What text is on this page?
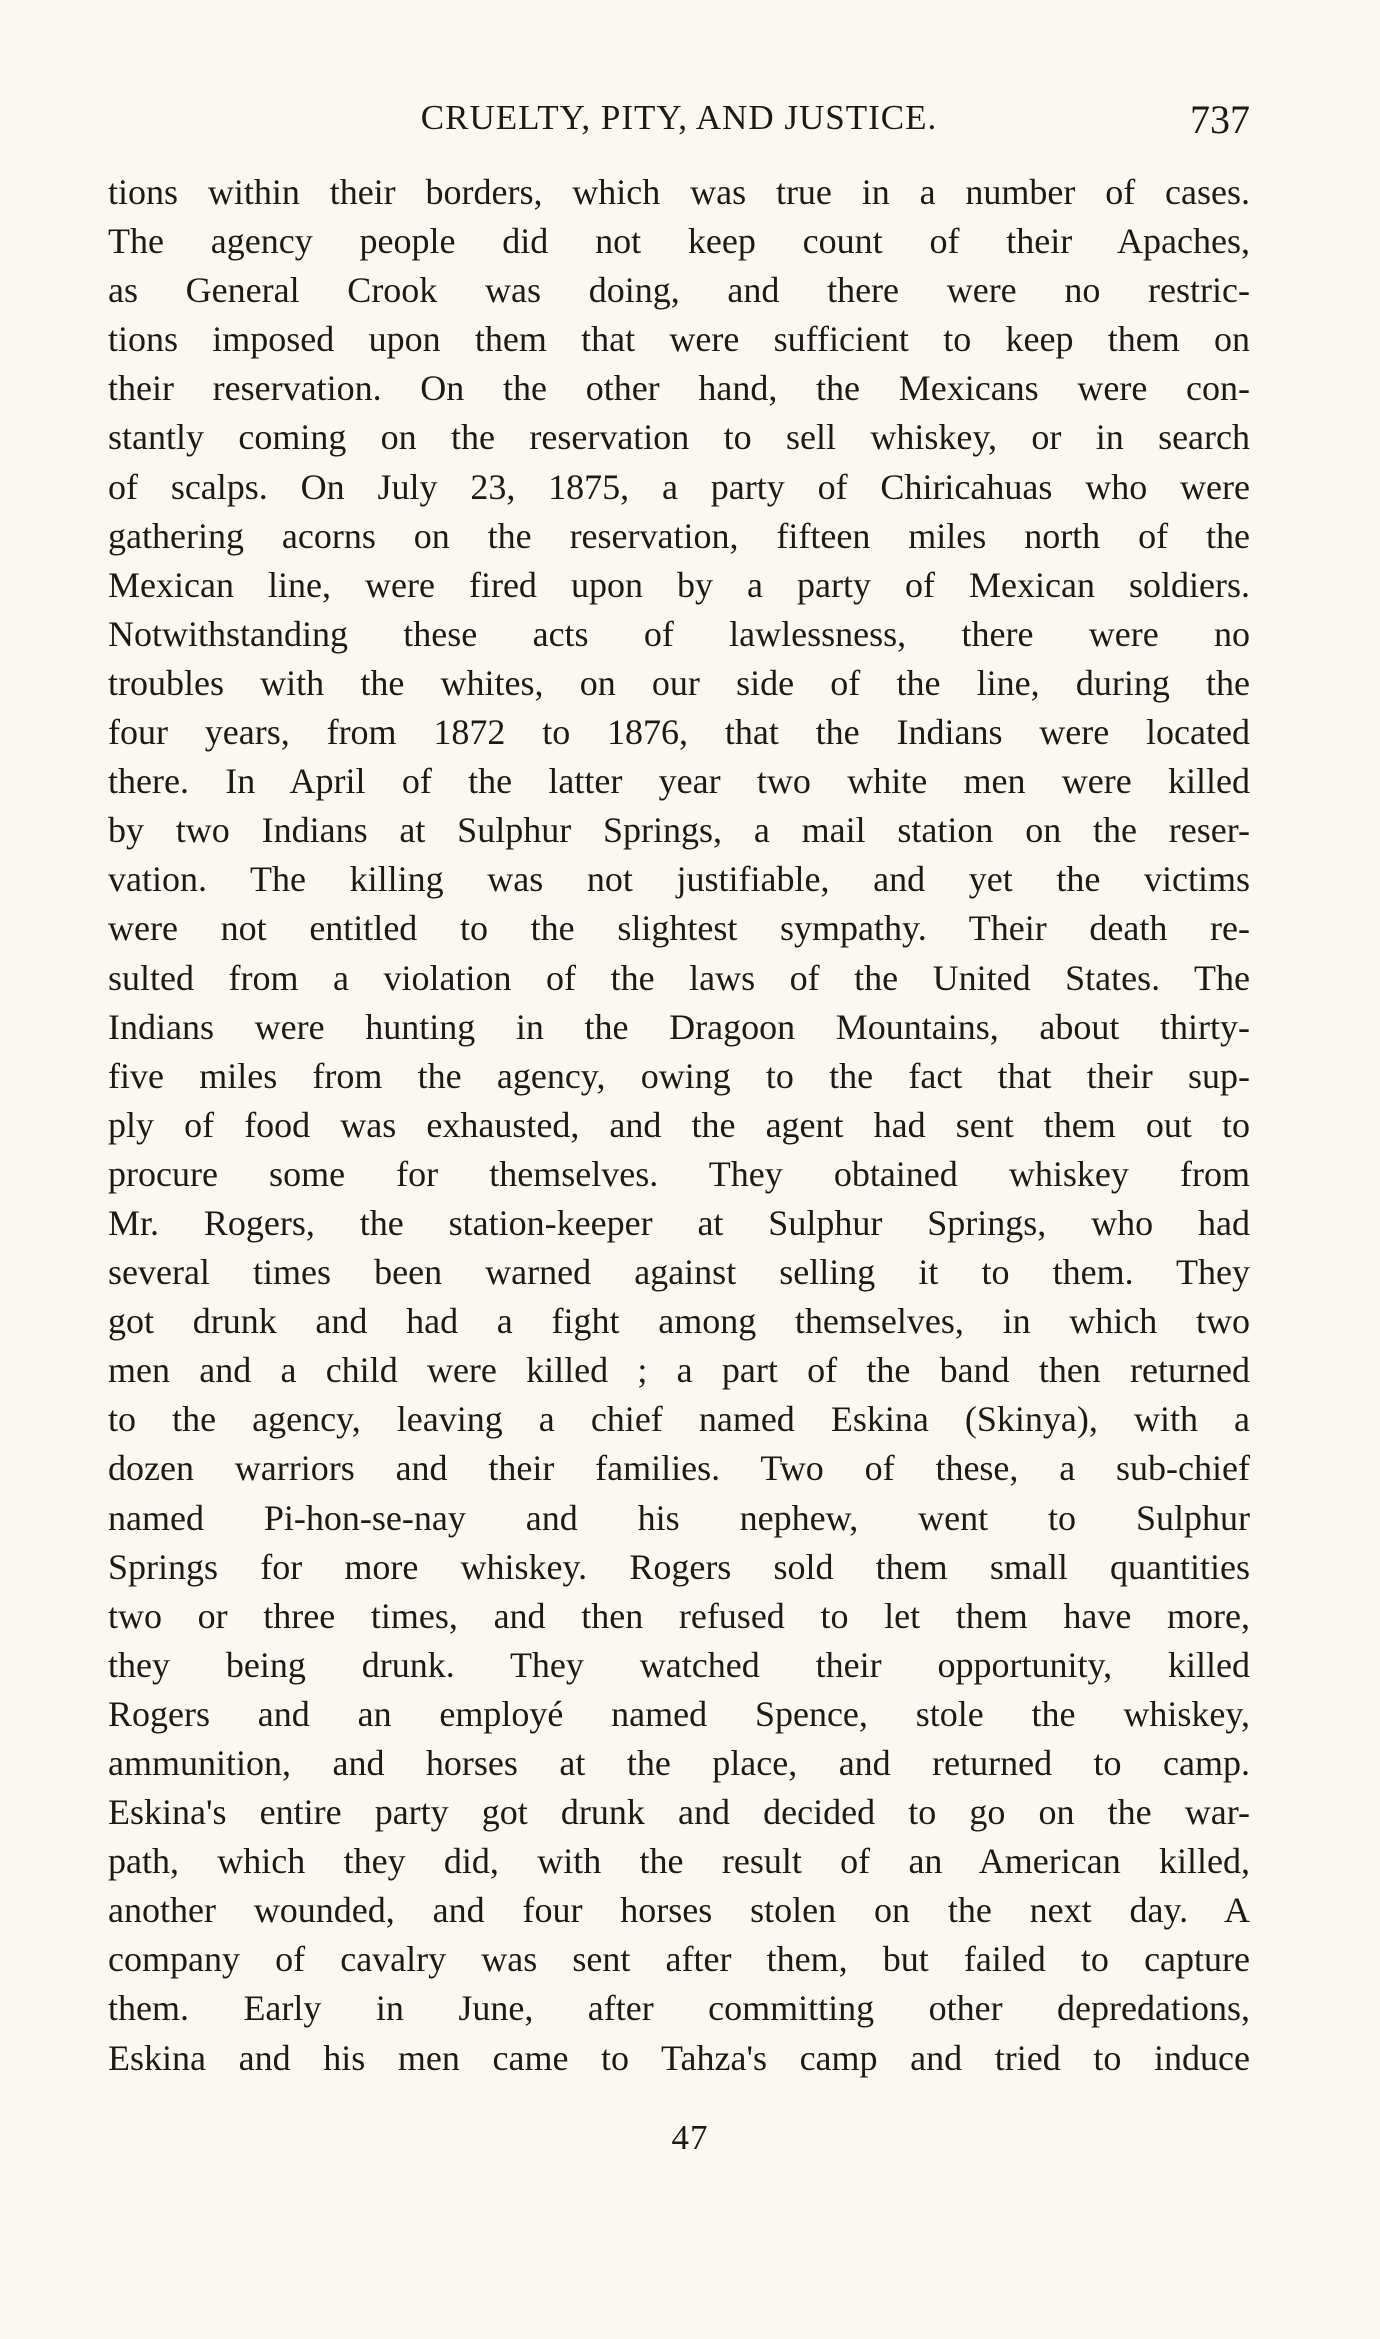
CRUELTY, PITY, AND JUSTICE.	737
tions within their borders, which was true in a number of cases.
The agency people did not keep count of their Apaches,
as General Crook was doing, and there were no restric-
tions imposed upon them that were sufficient to keep them on
their reservation. On the other hand, the Mexicans were con-
stantly coming on the reservation to sell whiskey, or in search
of scalps. On July 23, 1875, a party of Chiricahuas who were
gathering acorns on the reservation, fifteen miles north of the
Mexican line, were fired upon by a party of Mexican soldiers.
Notwithstanding these acts of lawlessness, there were no
troubles with the whites, on our side of the line, during the
four years, from 1872 to 1876, that the Indians were located
there. In April of the latter year two white men were killed
by two Indians at Sulphur Springs, a mail station on the reser-
vation. The killing was not justifiable, and yet the victims
were not entitled to the slightest sympathy. Their death re-
sulted from a violation of the laws of the United States. The
Indians were hunting in the Dragoon Mountains, about thirty-
five miles from the agency, owing to the fact that their sup-
ply of food was exhausted, and the agent had sent them out to
procure some for themselves. They obtained whiskey from
Mr. Rogers, the station-keeper at Sulphur Springs, who had
several times been warned against selling it to them. They
got drunk and had a fight among themselves, in which two
men and a child were killed ; a part of the band then returned
to the agency, leaving a chief named Eskina (Skinya), with a
dozen warriors and their families. Two of these, a sub-chief
named Pi-hon-se-nay and his nephew, went to Sulphur
Springs for more whiskey. Rogers sold them small quantities
two or three times, and then refused to let them have more,
they being drunk. They watched their opportunity, killed
Rogers and an employé named Spence, stole the whiskey,
ammunition, and horses at the place, and returned to camp.
Eskina's entire party got drunk and decided to go on the war-
path, which they did, with the result of an American killed,
another wounded, and four horses stolen on the next day. A
company of cavalry was sent after them, but failed to capture
them. Early in June, after committing other depredations,
Eskina and his men came to Tahza's camp and tried to induce
47
